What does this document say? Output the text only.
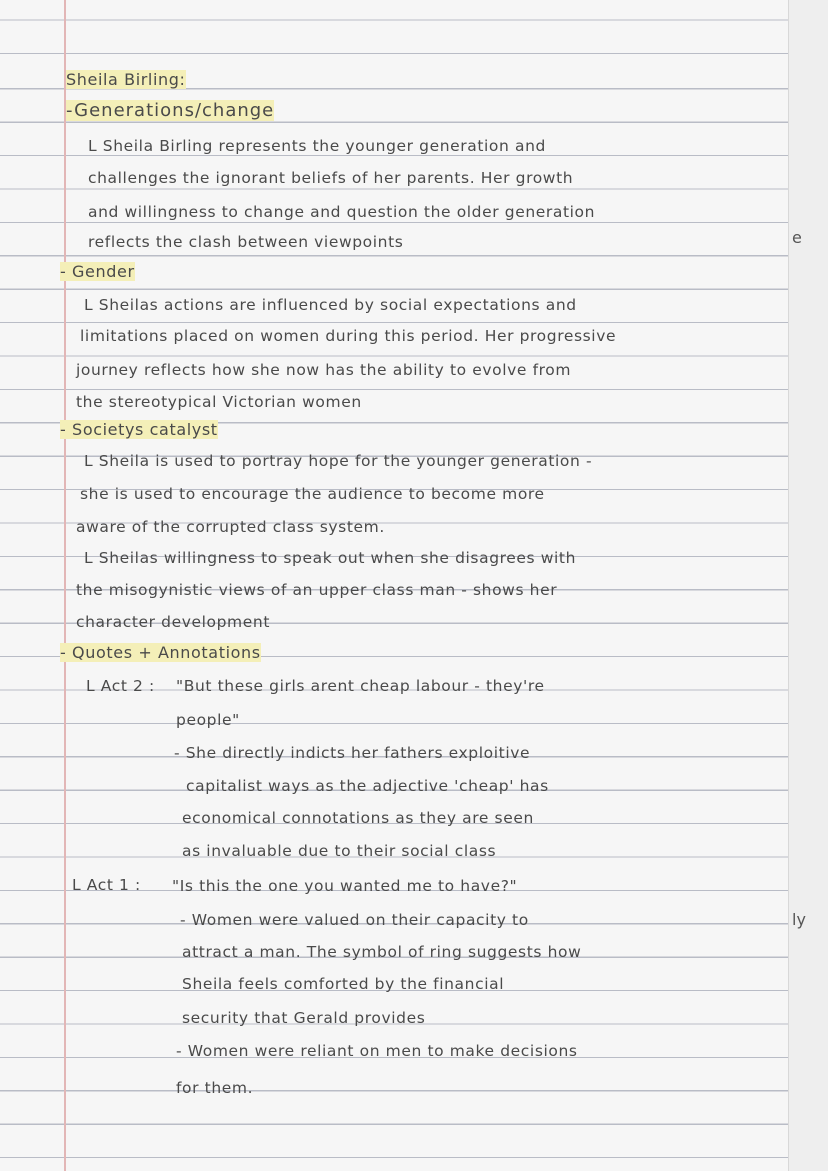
Sheila Birling:
-Generations/change
L Sheila Birling represents the younger generation and
challenges the ignorant beliefs of her parents. Her growth
and willingness to change and question the older generation
reflects the clash between viewpoints
- Gender
L Sheilas actions are influenced by social expectations and
limitations placed on women during this period. Her progressive
journey reflects how she now has the ability to evolve from
the stereotypical Victorian women
- Societys catalyst
L Sheila is used to portray hope for the younger generation -
she is used to encourage the audience to become more
aware of the corrupted class system.
L Sheilas willingness to speak out when she disagrees with
the misogynistic views of an upper class man - shows her
character development
- Quotes + Annotations
L Act 2 : "But these girls arent cheap labour - they're
people"
- She directly indicts her fathers exploitive
capitalist ways as the adjective 'cheap' has
economical connotations as they are seen
as invaluable due to their social class
L Act 1 : "Is this the one you wanted me to have?"
- Women were valued on their capacity to
attract a man. The symbol of ring suggests how
Sheila feels comforted by the financial
security that Gerald provides
- Women were reliant on men to make decisions
for them.
e
ly
